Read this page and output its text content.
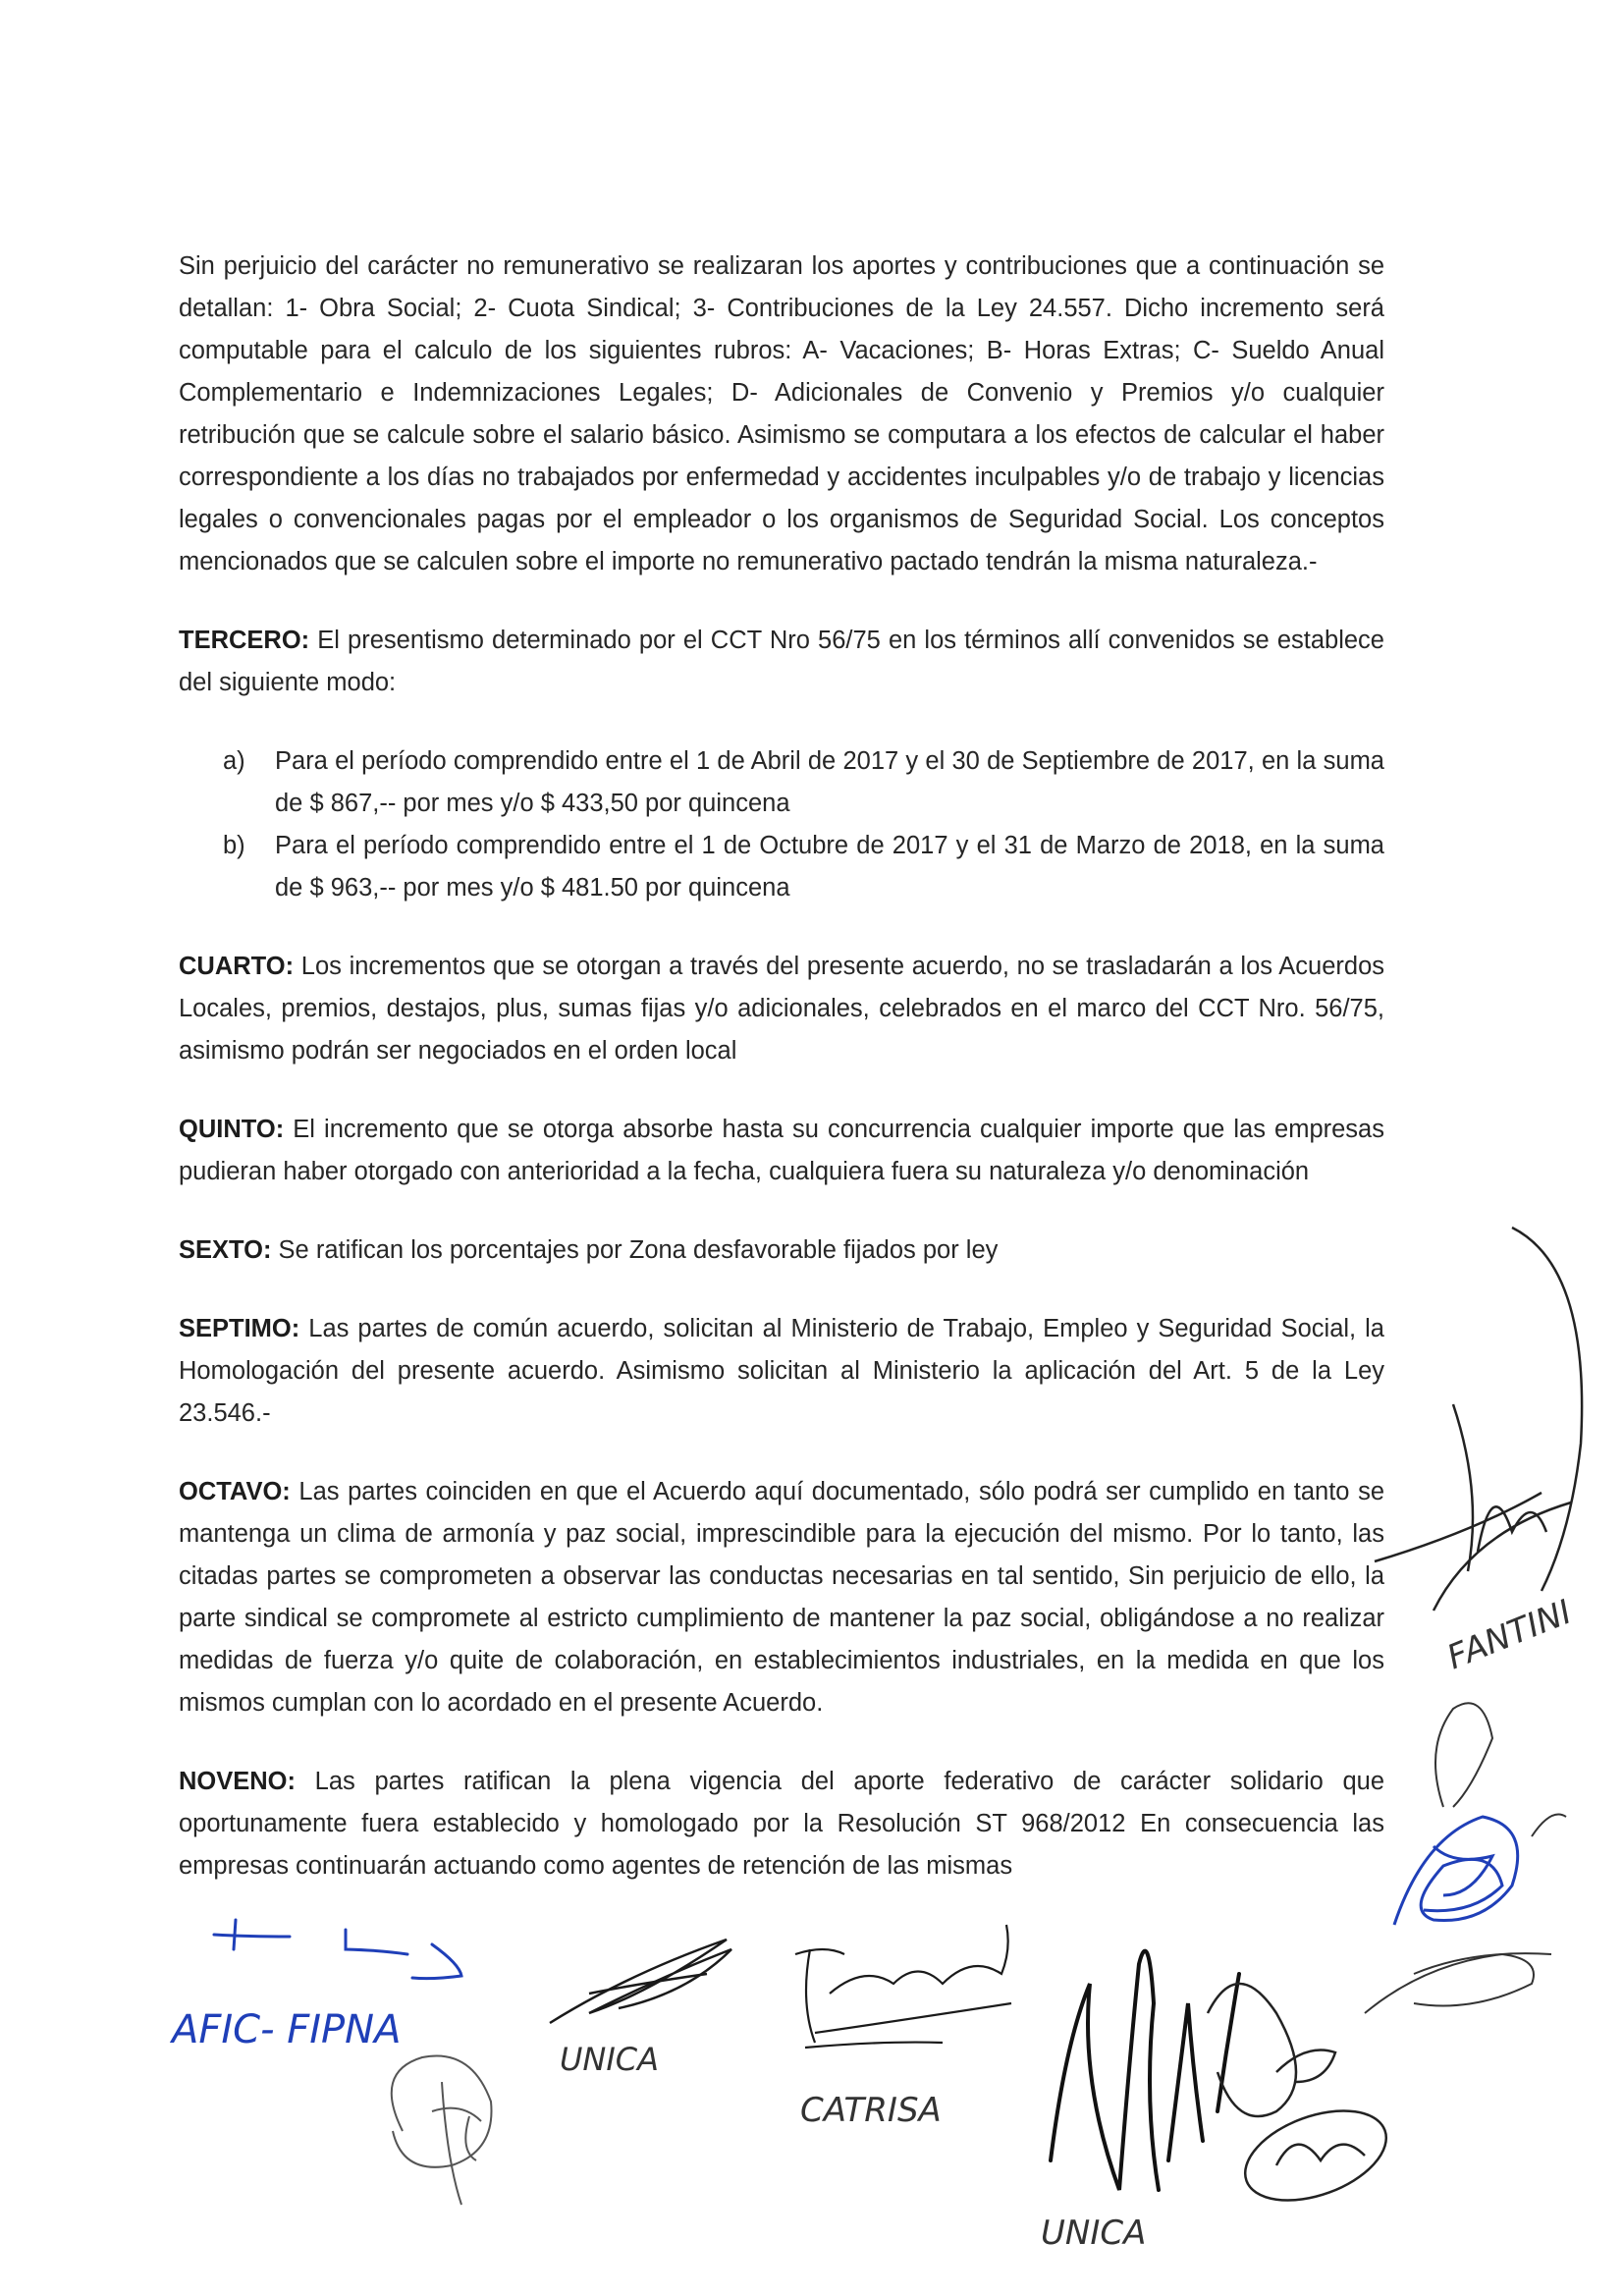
Sin perjuicio del carácter no remunerativo se realizaran los aportes y contribuciones que a continuación se detallan: 1- Obra Social; 2- Cuota Sindical; 3- Contribuciones de la Ley 24.557. Dicho incremento será computable para el calculo de los siguientes rubros: A- Vacaciones; B- Horas Extras; C- Sueldo Anual Complementario e Indemnizaciones Legales; D- Adicionales de Convenio y Premios y/o cualquier retribución que se calcule sobre el salario básico. Asimismo se computara a los efectos de calcular el haber correspondiente a los días no trabajados por enfermedad y accidentes inculpables y/o de trabajo y licencias legales o convencionales pagas por el empleador o los organismos de Seguridad Social. Los conceptos mencionados que se calculen sobre el importe no remunerativo pactado tendrán la misma naturaleza.-

TERCERO: El presentismo determinado por el CCT Nro 56/75 en los términos allí convenidos se establece del siguiente modo:

a) Para el período comprendido entre el 1 de Abril de 2017 y el 30 de Septiembre de 2017, en la suma de $ 867,-- por mes y/o $ 433,50 por quincena
b) Para el período comprendido entre el 1 de Octubre de 2017 y el 31 de Marzo de 2018, en la suma de $ 963,-- por mes y/o $ 481.50 por quincena

CUARTO: Los incrementos que se otorgan a través del presente acuerdo, no se trasladarán a los Acuerdos Locales, premios, destajos, plus, sumas fijas y/o adicionales, celebrados en el marco del CCT Nro. 56/75, asimismo podrán ser negociados en el orden local

QUINTO: El incremento que se otorga absorbe hasta su concurrencia cualquier importe que las empresas pudieran haber otorgado con anterioridad a la fecha, cualquiera fuera su naturaleza y/o denominación

SEXTO: Se ratifican los porcentajes por Zona desfavorable fijados por ley

SEPTIMO: Las partes de común acuerdo, solicitan al Ministerio de Trabajo, Empleo y Seguridad Social, la Homologación del presente acuerdo. Asimismo solicitan al Ministerio la aplicación del Art. 5 de la Ley 23.546.-

OCTAVO: Las partes coinciden en que el Acuerdo aquí documentado, sólo podrá ser cumplido en tanto se mantenga un clima de armonía y paz social, imprescindible para la ejecución del mismo. Por lo tanto, las citadas partes se comprometen a observar las conductas necesarias en tal sentido, Sin perjuicio de ello, la parte sindical se compromete al estricto cumplimiento de mantener la paz social, obligándose a no realizar medidas de fuerza y/o quite de colaboración, en establecimientos industriales, en la medida en que los mismos cumplan con lo acordado en el presente Acuerdo.

NOVENO: Las partes ratifican la plena vigencia del aporte federativo de carácter solidario que oportunamente fuera establecido y homologado por la Resolución ST 968/2012 En consecuencia las empresas continuarán actuando como agentes de retención de las mismas

AFIC- FIPNA
UNICA
CATRISA
UNICA
FANTINI
